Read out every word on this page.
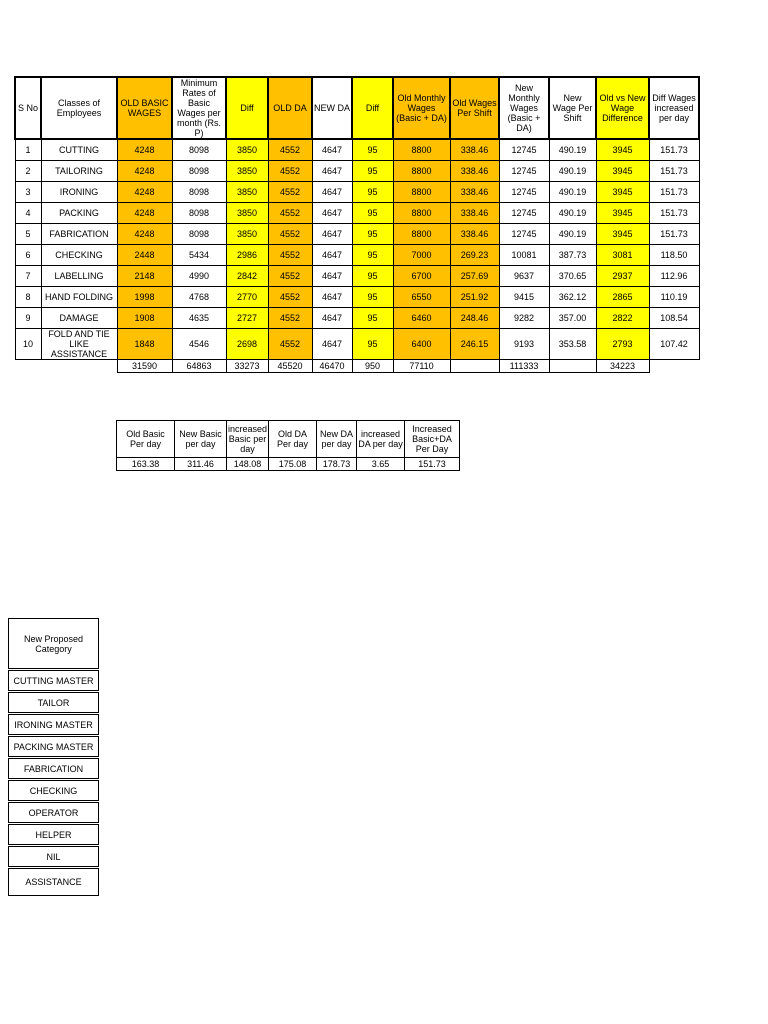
S No	Classes of Employees	OLD BASIC WAGES	Minimum Rates of Basic Wages per month (Rs. P)	Diff	OLD DA	NEW DA	Diff	Old Monthly Wages (Basic + DA)	Old Wages Per Shift	New Monthly Wages (Basic + DA)	New Wage Per Shift	Old vs New Wage Difference	Diff Wages increased per day
1	CUTTING	4248	8098	3850	4552	4647	95	8800	338.46	12745	490.19	3945	151.73
2	TAILORING	4248	8098	3850	4552	4647	95	8800	338.46	12745	490.19	3945	151.73
3	IRONING	4248	8098	3850	4552	4647	95	8800	338.46	12745	490.19	3945	151.73
4	PACKING	4248	8098	3850	4552	4647	95	8800	338.46	12745	490.19	3945	151.73
5	FABRICATION	4248	8098	3850	4552	4647	95	8800	338.46	12745	490.19	3945	151.73
6	CHECKING	2448	5434	2986	4552	4647	95	7000	269.23	10081	387.73	3081	118.50
7	LABELLING	2148	4990	2842	4552	4647	95	6700	257.69	9637	370.65	2937	112.96
8	HAND FOLDING	1998	4768	2770	4552	4647	95	6550	251.92	9415	362.12	2865	110.19
9	DAMAGE	1908	4635	2727	4552	4647	95	6460	248.46	9282	357.00	2822	108.54
10	FOLD AND TIE LIKE ASSISTANCE	1848	4546	2698	4552	4647	95	6400	246.15	9193	353.58	2793	107.42
		31590	64863	33273	45520	46470	950	77110		111333		34223	
Old Basic Per day	New Basic per day	increased Basic per day	Old DA Per day	New DA per day	increased DA per day	Increased Basic+DA Per Day
163.38	311.46	148.08	175.08	178.73	3.65	151.73
New Proposed Category

CUTTING MASTER

TAILOR

IRONING MASTER

PACKING MASTER

FABRICATION

CHECKING

OPERATOR

HELPER

NIL

ASSISTANCE
